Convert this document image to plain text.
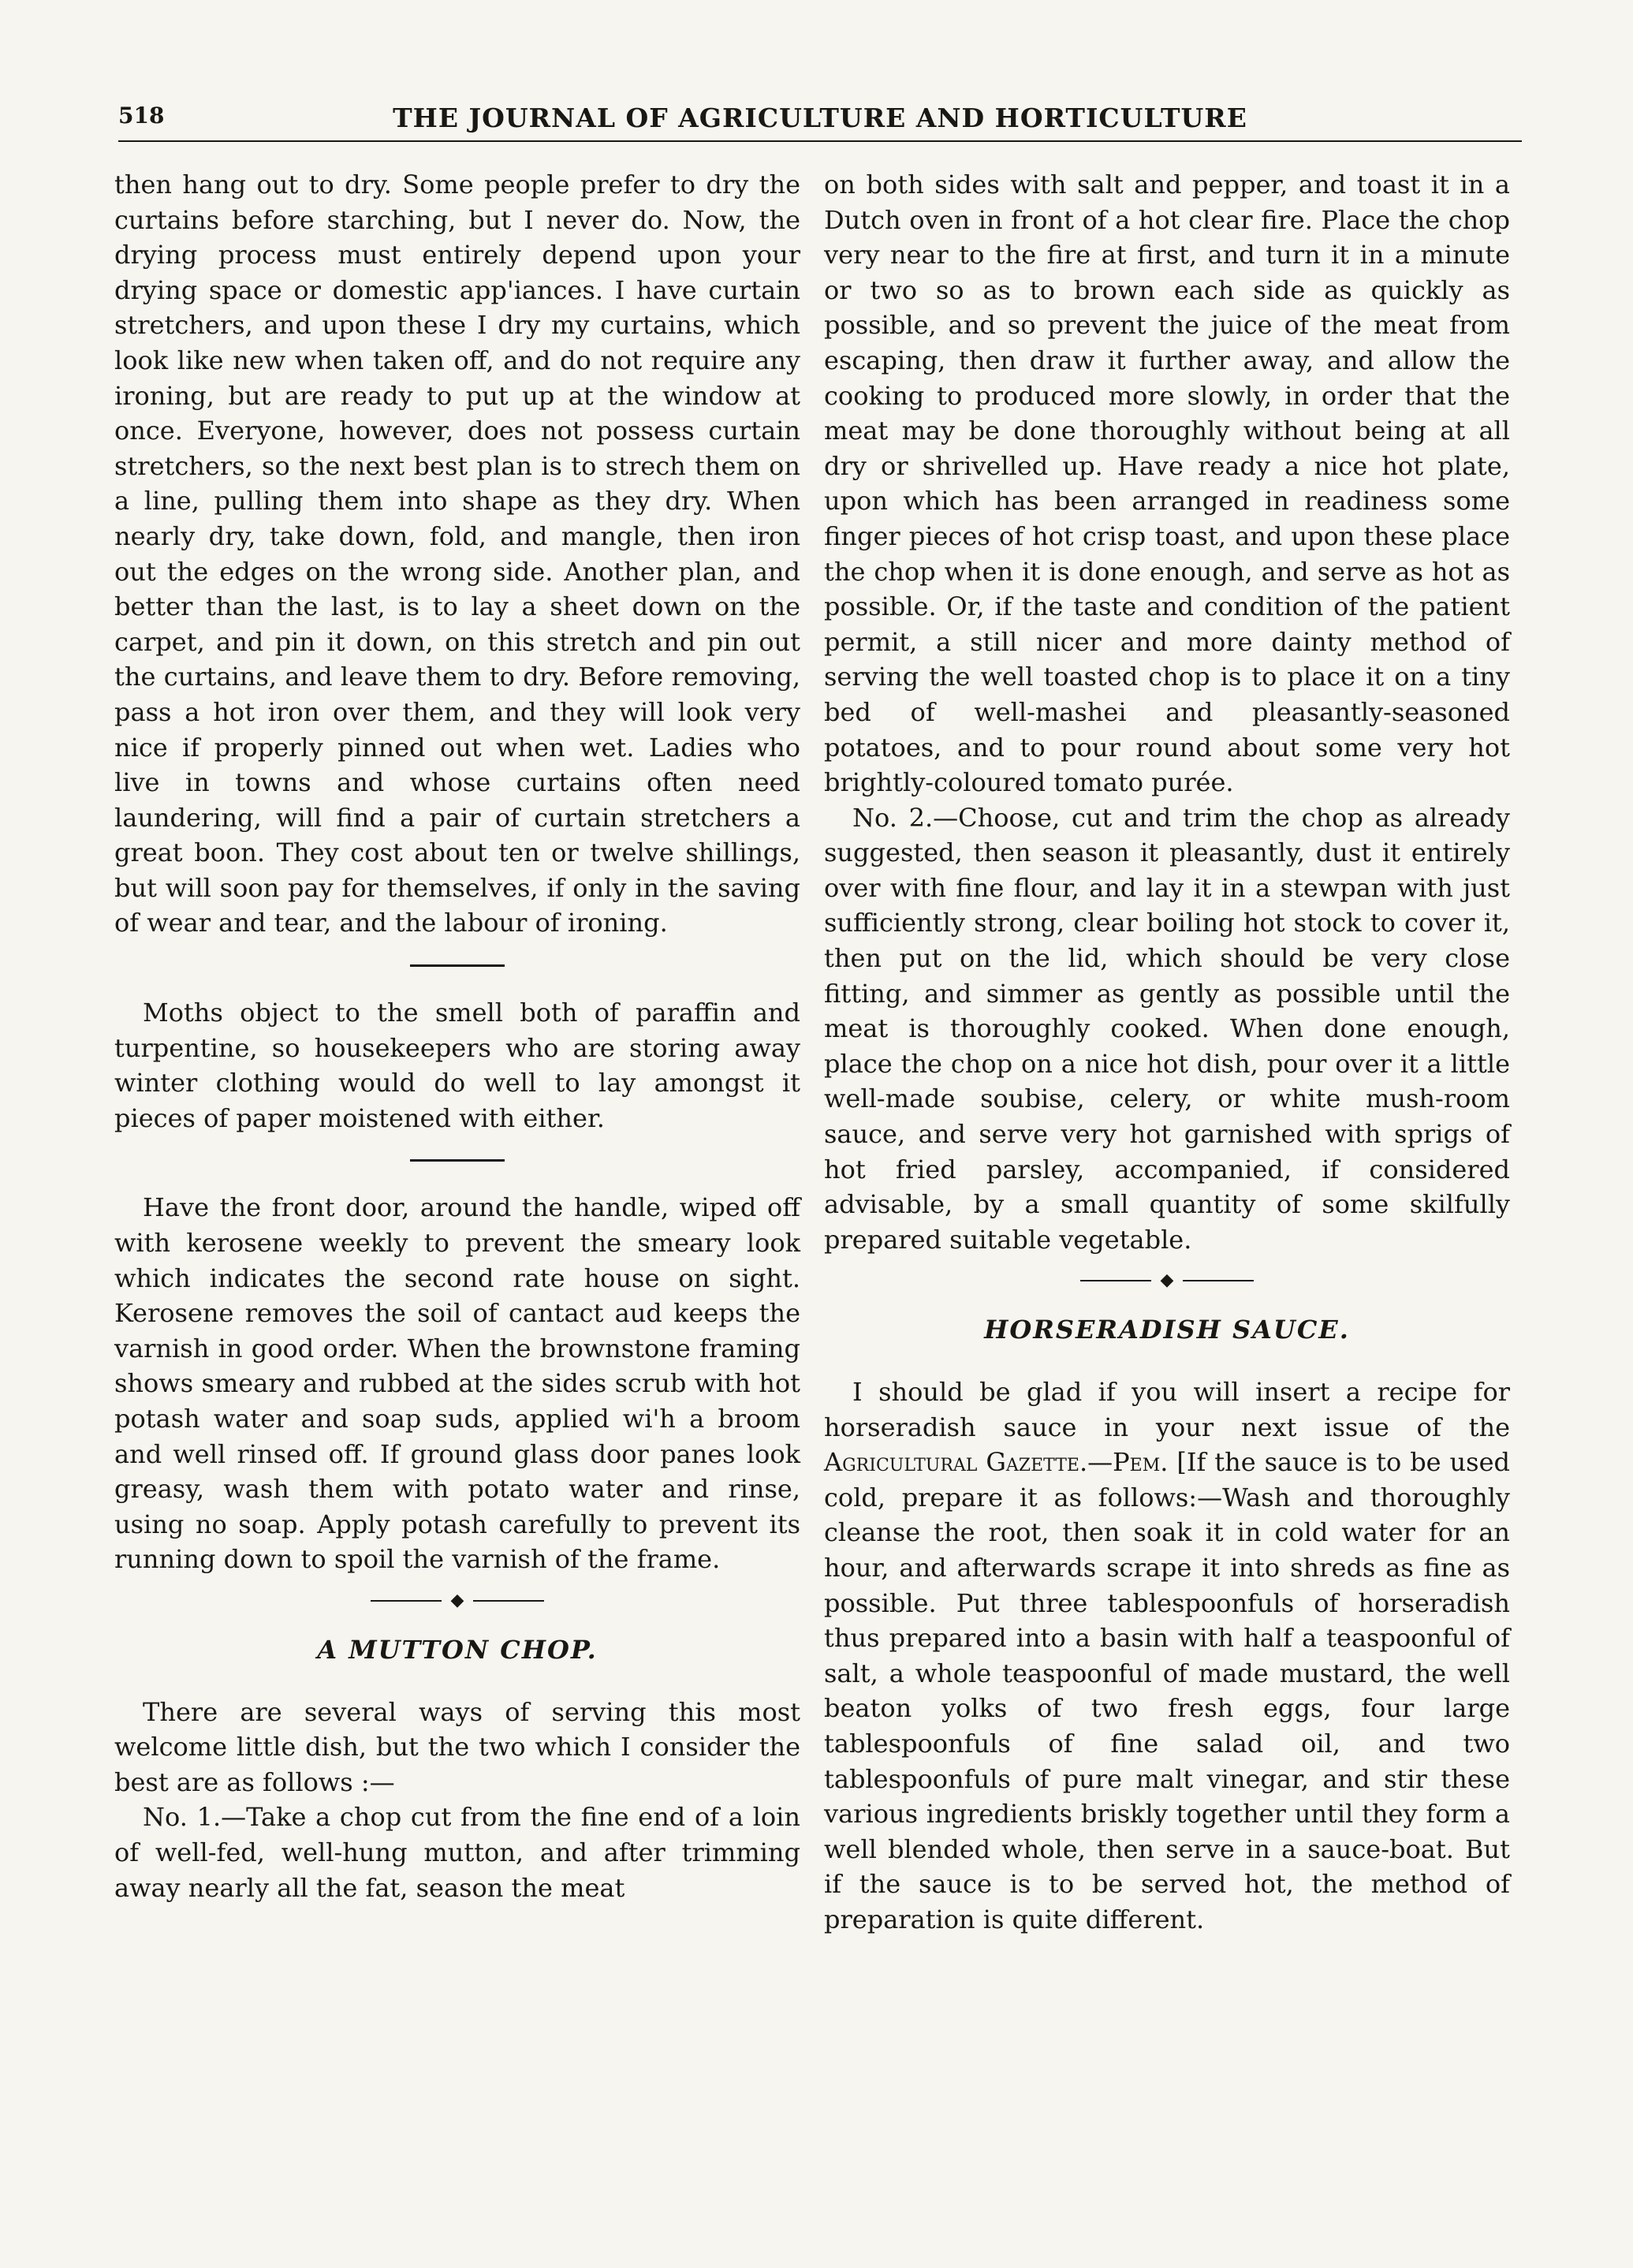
518	THE JOURNAL OF AGRICULTURE AND HORTICULTURE

then hang out to dry. Some people prefer to dry the curtains before starching, but I never do. Now, the drying process must entirely depend upon your drying space or domestic app'iances. I have curtain stretchers, and upon these I dry my curtains, which look like new when taken off, and do not require any ironing, but are ready to put up at the window at once. Everyone, however, does not possess curtain stretchers, so the next best plan is to strech them on a line, pulling them into shape as they dry. When nearly dry, take down, fold, and mangle, then iron out the edges on the wrong side. Another plan, and better than the last, is to lay a sheet down on the carpet, and pin it down, on this stretch and pin out the curtains, and leave them to dry. Before removing, pass a hot iron over them, and they will look very nice if properly pinned out when wet. Ladies who live in towns and whose curtains often need laundering, will find a pair of curtain stretchers a great boon. They cost about ten or twelve shillings, but will soon pay for themselves, if only in the saving of wear and tear, and the labour of ironing.

Moths object to the smell both of paraffin and turpentine, so housekeepers who are storing away winter clothing would do well to lay amongst it pieces of paper moistened with either.

Have the front door, around the handle, wiped off with kerosene weekly to prevent the smeary look which indicates the second rate house on sight. Kerosene removes the soil of cantact aud keeps the varnish in good order. When the brownstone framing shows smeary and rubbed at the sides scrub with hot potash water and soap suds, applied wi'h a broom and well rinsed off. If ground glass door panes look greasy, wash them with potato water and rinse, using no soap. Apply potash carefully to prevent its running down to spoil the varnish of the frame.

◆
A MUTTON CHOP.

There are several ways of serving this most welcome little dish, but the two which I consider the best are as follows :—

No. 1.—Take a chop cut from the fine end of a loin of well-fed, well-hung mutton, and after trimming away nearly all the fat, season the meat

on both sides with salt and pepper, and toast it in a Dutch oven in front of a hot clear fire. Place the chop very near to the fire at first, and turn it in a minute or two so as to brown each side as quickly as possible, and so prevent the juice of the meat from escaping, then draw it further away, and allow the cooking to produced more slowly, in order that the meat may be done thoroughly without being at all dry or shrivelled up. Have ready a nice hot plate, upon which has been arranged in readiness some finger pieces of hot crisp toast, and upon these place the chop when it is done enough, and serve as hot as possible. Or, if the taste and condition of the patient permit, a still nicer and more dainty method of serving the well toasted chop is to place it on a tiny bed of well-mashei and pleasantly-seasoned potatoes, and to pour round about some very hot brightly-coloured tomato purée.

No. 2.—Choose, cut and trim the chop as already suggested, then season it pleasantly, dust it entirely over with fine flour, and lay it in a stewpan with just sufficiently strong, clear boiling hot stock to cover it, then put on the lid, which should be very close fitting, and simmer as gently as possible until the meat is thoroughly cooked. When done enough, place the chop on a nice hot dish, pour over it a little well-made soubise, celery, or white mush-room sauce, and serve very hot garnished with sprigs of hot fried parsley, accompanied, if considered advisable, by a small quantity of some skilfully prepared suitable vegetable.

◆
HORSERADISH SAUCE.

I should be glad if you will insert a recipe for horseradish sauce in your next issue of the Agricultural Gazette.—Pem. [If the sauce is to be used cold, prepare it as follows:—Wash and thoroughly cleanse the root, then soak it in cold water for an hour, and afterwards scrape it into shreds as fine as possible. Put three tablespoonfuls of horseradish thus prepared into a basin with half a teaspoonful of salt, a whole teaspoonful of made mustard, the well beaton yolks of two fresh eggs, four large tablespoonfuls of fine salad oil, and two tablespoonfuls of pure malt vinegar, and stir these various ingredients briskly together until they form a well blended whole, then serve in a sauce-boat. But if the sauce is to be served hot, the method of preparation is quite different.
